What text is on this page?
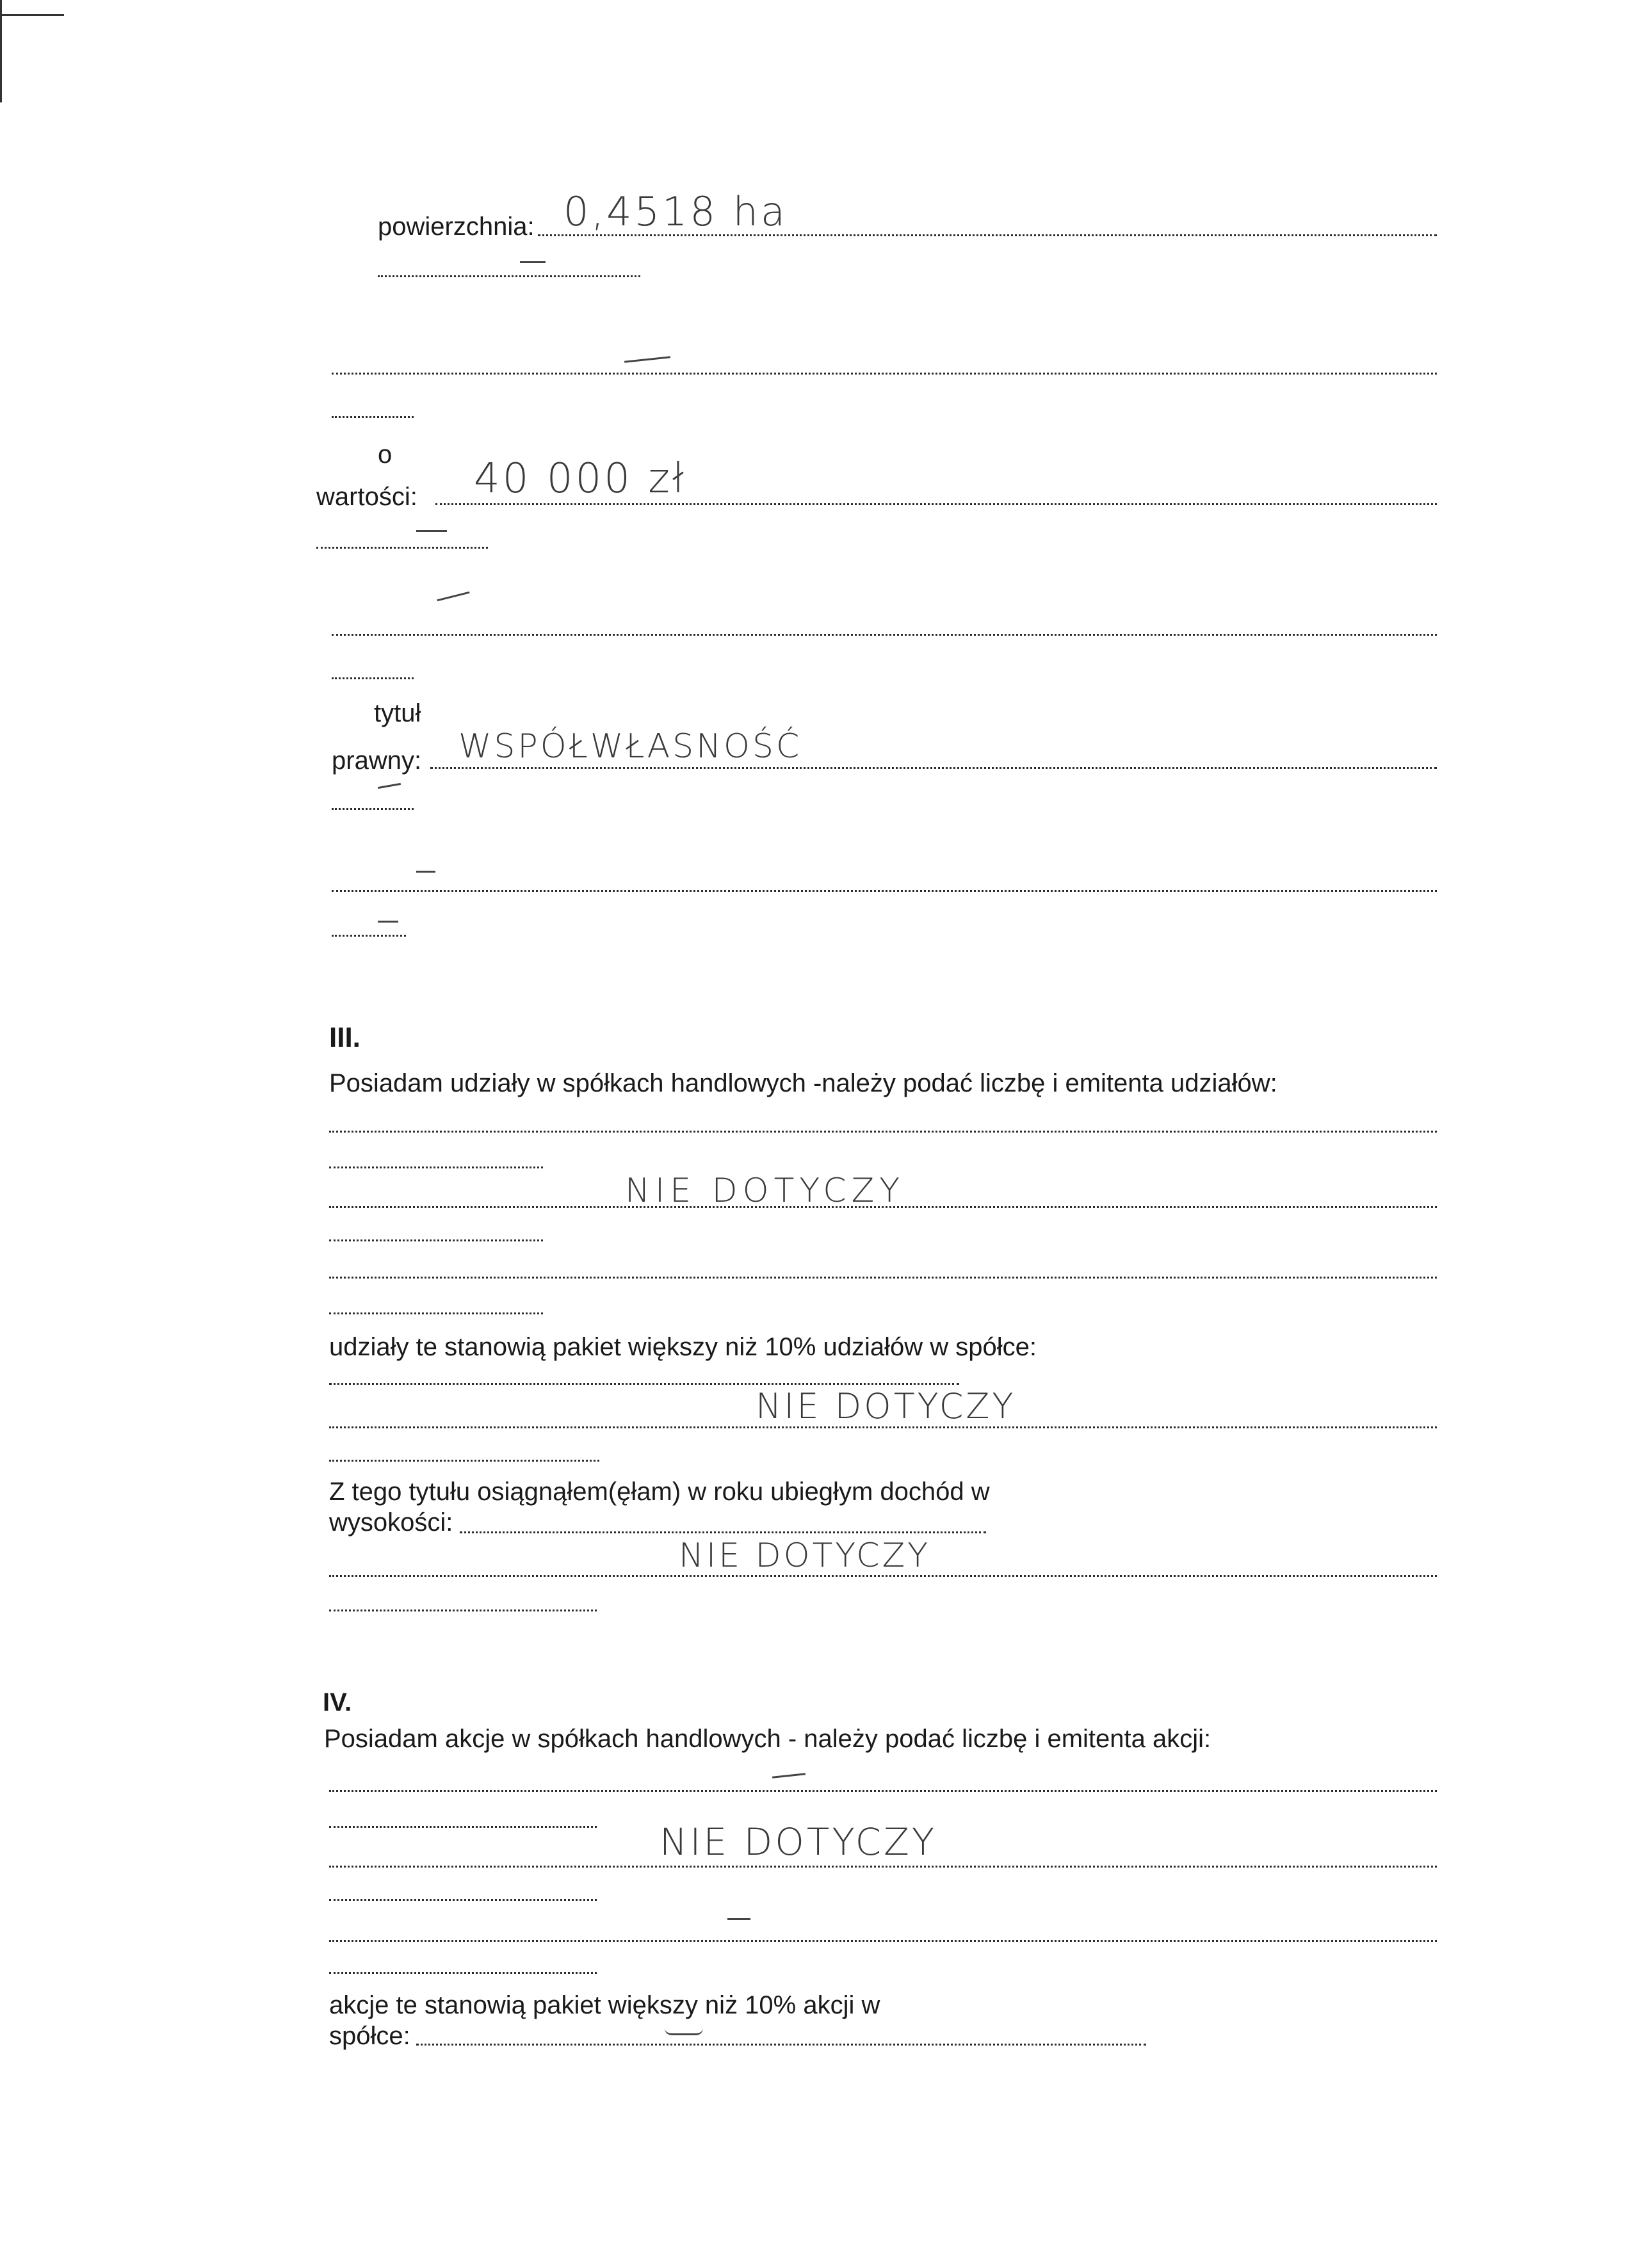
powierzchnia: 0,4518 ha
o
wartości: 40 000 zł
tytuł
prawny: WSPÓŁWŁASNOŚĆ
III.
Posiadam udziały w spółkach handlowych -należy podać liczbę i emitenta udziałów:
NIE DOTYCZY
udziały te stanowią pakiet większy niż 10% udziałów w spółce:
NIE DOTYCZY
Z tego tytułu osiągnąłem(ęłam) w roku ubiegłym dochód w
wysokości:
NIE DOTYCZY
IV.
Posiadam akcje w spółkach handlowych - należy podać liczbę i emitenta akcji:
NIE DOTYCZY
akcje te stanowią pakiet większy niż 10% akcji w
spółce:
